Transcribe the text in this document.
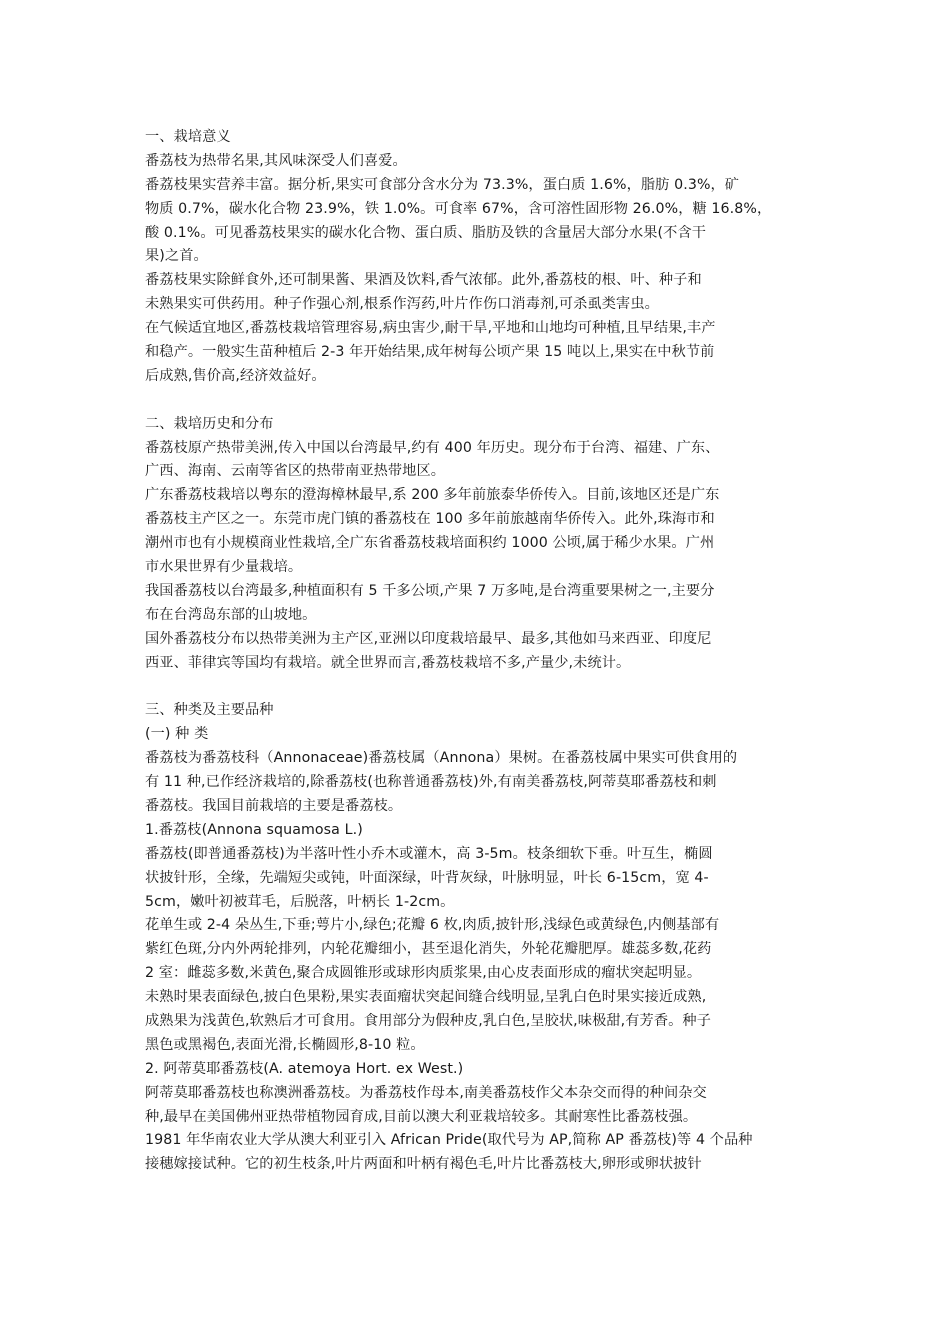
一、栽培意义
番荔枝为热带名果,其风味深受人们喜爱。
番荔枝果实营养丰富。据分析,果实可食部分含水分为 73.3%，蛋白质 1.6%，脂肪 0.3%，矿
物质 0.7%，碳水化合物 23.9%，铁 1.0%。可食率 67%，含可溶性固形物 26.0%，糖 16.8%，
酸 0.1%。可见番荔枝果实的碳水化合物、蛋白质、脂肪及铁的含量居大部分水果(不含干
果)之首。
番荔枝果实除鲜食外,还可制果酱、果酒及饮料,香气浓郁。此外,番荔枝的根、叶、种子和
未熟果实可供药用。种子作强心剂,根系作泻药,叶片作伤口消毒剂,可杀虱类害虫。
在气候适宜地区,番荔枝栽培管理容易,病虫害少,耐干旱,平地和山地均可种植,且早结果,丰产
和稳产。一般实生苗种植后 2-3 年开始结果,成年树每公顷产果 15 吨以上,果实在中秋节前
后成熟,售价高,经济效益好。
二、栽培历史和分布
番荔枝原产热带美洲,传入中国以台湾最早,约有 400 年历史。现分布于台湾、福建、广东、
广西、海南、云南等省区的热带南亚热带地区。
广东番荔枝栽培以粤东的澄海樟林最早,系 200 多年前旅泰华侨传入。目前,该地区还是广东
番荔枝主产区之一。东莞市虎门镇的番荔枝在 100 多年前旅越南华侨传入。此外,珠海市和
潮州市也有小规模商业性栽培,全广东省番荔枝栽培面积约 1000 公顷,属于稀少水果。广州
市水果世界有少量栽培。
我国番荔枝以台湾最多,种植面积有 5 千多公顷,产果 7 万多吨,是台湾重要果树之一,主要分
布在台湾岛东部的山坡地。
国外番荔枝分布以热带美洲为主产区,亚洲以印度栽培最早、最多,其他如马来西亚、印度尼
西亚、菲律宾等国均有栽培。就全世界而言,番荔枝栽培不多,产量少,未统计。
三、种类及主要品种
(一) 种 类
番荔枝为番荔枝科（Annonaceae)番荔枝属（Annona）果树。在番荔枝属中果实可供食用的
有 11 种,已作经济栽培的,除番荔枝(也称普通番荔枝)外,有南美番荔枝,阿蒂莫耶番荔枝和刺
番荔枝。我国目前栽培的主要是番荔枝。
1.番荔枝(Annona squamosa L.)
番荔枝(即普通番荔枝)为半落叶性小乔木或灌木，高 3-5m。枝条细软下垂。叶互生，椭圆
状披针形，全缘，先端短尖或钝，叶面深绿，叶背灰绿，叶脉明显，叶长 6-15cm，宽 4-
5cm，嫩叶初被茸毛，后脱落，叶柄长 1-2cm。
花单生或 2-4 朵丛生,下垂;萼片小,绿色;花瓣 6 枚,肉质,披针形,浅绿色或黄绿色,内侧基部有
紫红色斑,分内外两轮排列，内轮花瓣细小，甚至退化消失，外轮花瓣肥厚。雄蕊多数,花药
2 室：雌蕊多数,米黄色,聚合成圆锥形或球形肉质浆果,由心皮表面形成的瘤状突起明显。
未熟时果表面绿色,披白色果粉,果实表面瘤状突起间缝合线明显,呈乳白色时果实接近成熟,
成熟果为浅黄色,软熟后才可食用。食用部分为假种皮,乳白色,呈胶状,味极甜,有芳香。种子
黑色或黑褐色,表面光滑,长椭圆形,8-10 粒。
2. 阿蒂莫耶番荔枝(A. atemoya Hort. ex West.)
阿蒂莫耶番荔枝也称澳洲番荔枝。为番荔枝作母本,南美番荔枝作父本杂交而得的种间杂交
种,最早在美国佛州亚热带植物园育成,目前以澳大利亚栽培较多。其耐寒性比番荔枝强。
1981 年华南农业大学从澳大利亚引入 African Pride(取代号为 AP,简称 AP 番荔枝)等 4 个品种
接穗嫁接试种。它的初生枝条,叶片两面和叶柄有褐色毛,叶片比番荔枝大,卵形或卵状披针
